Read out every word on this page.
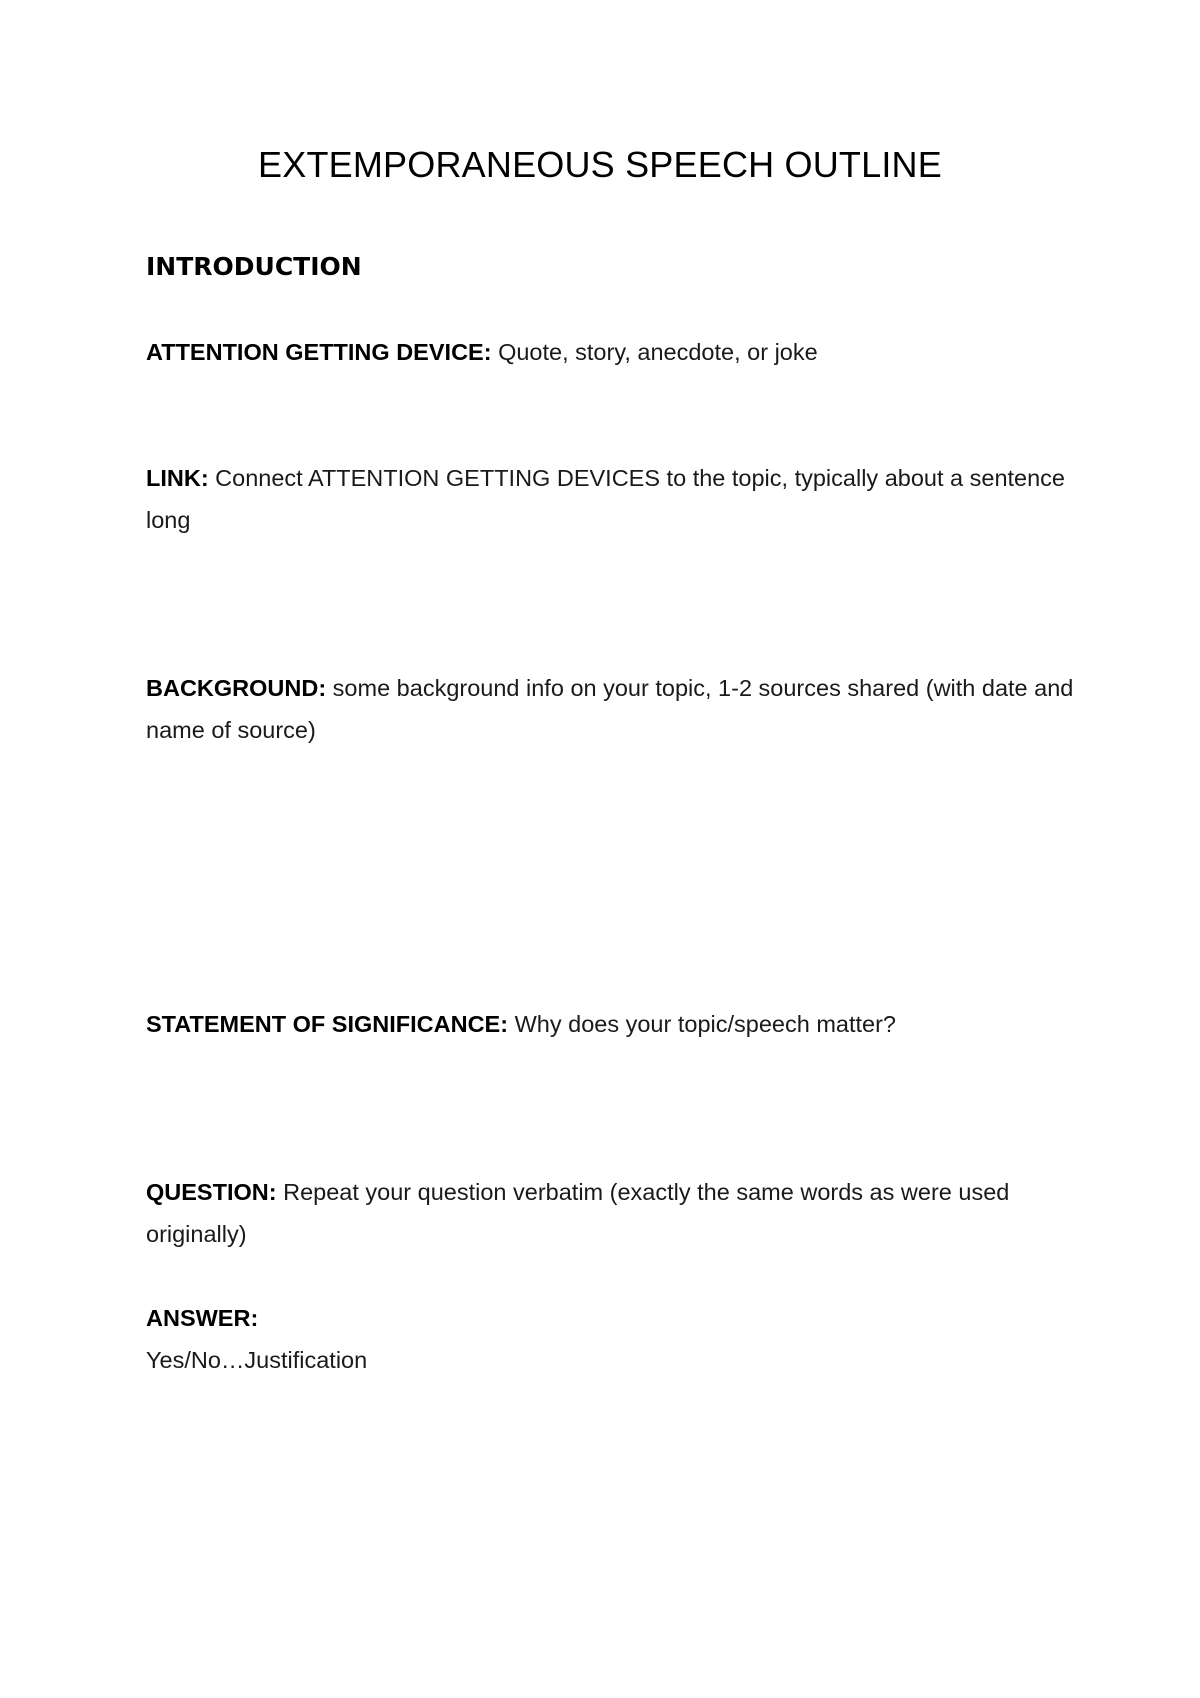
EXTEMPORANEOUS SPEECH OUTLINE
INTRODUCTION
ATTENTION GETTING DEVICE: Quote, story, anecdote, or joke
LINK: Connect ATTENTION GETTING DEVICES to the topic, typically about a sentence long
BACKGROUND: some background info on your topic, 1-2 sources shared (with date and name of source)
STATEMENT OF SIGNIFICANCE: Why does your topic/speech matter?
QUESTION: Repeat your question verbatim (exactly the same words as were used originally)
ANSWER:
Yes/No…Justification
